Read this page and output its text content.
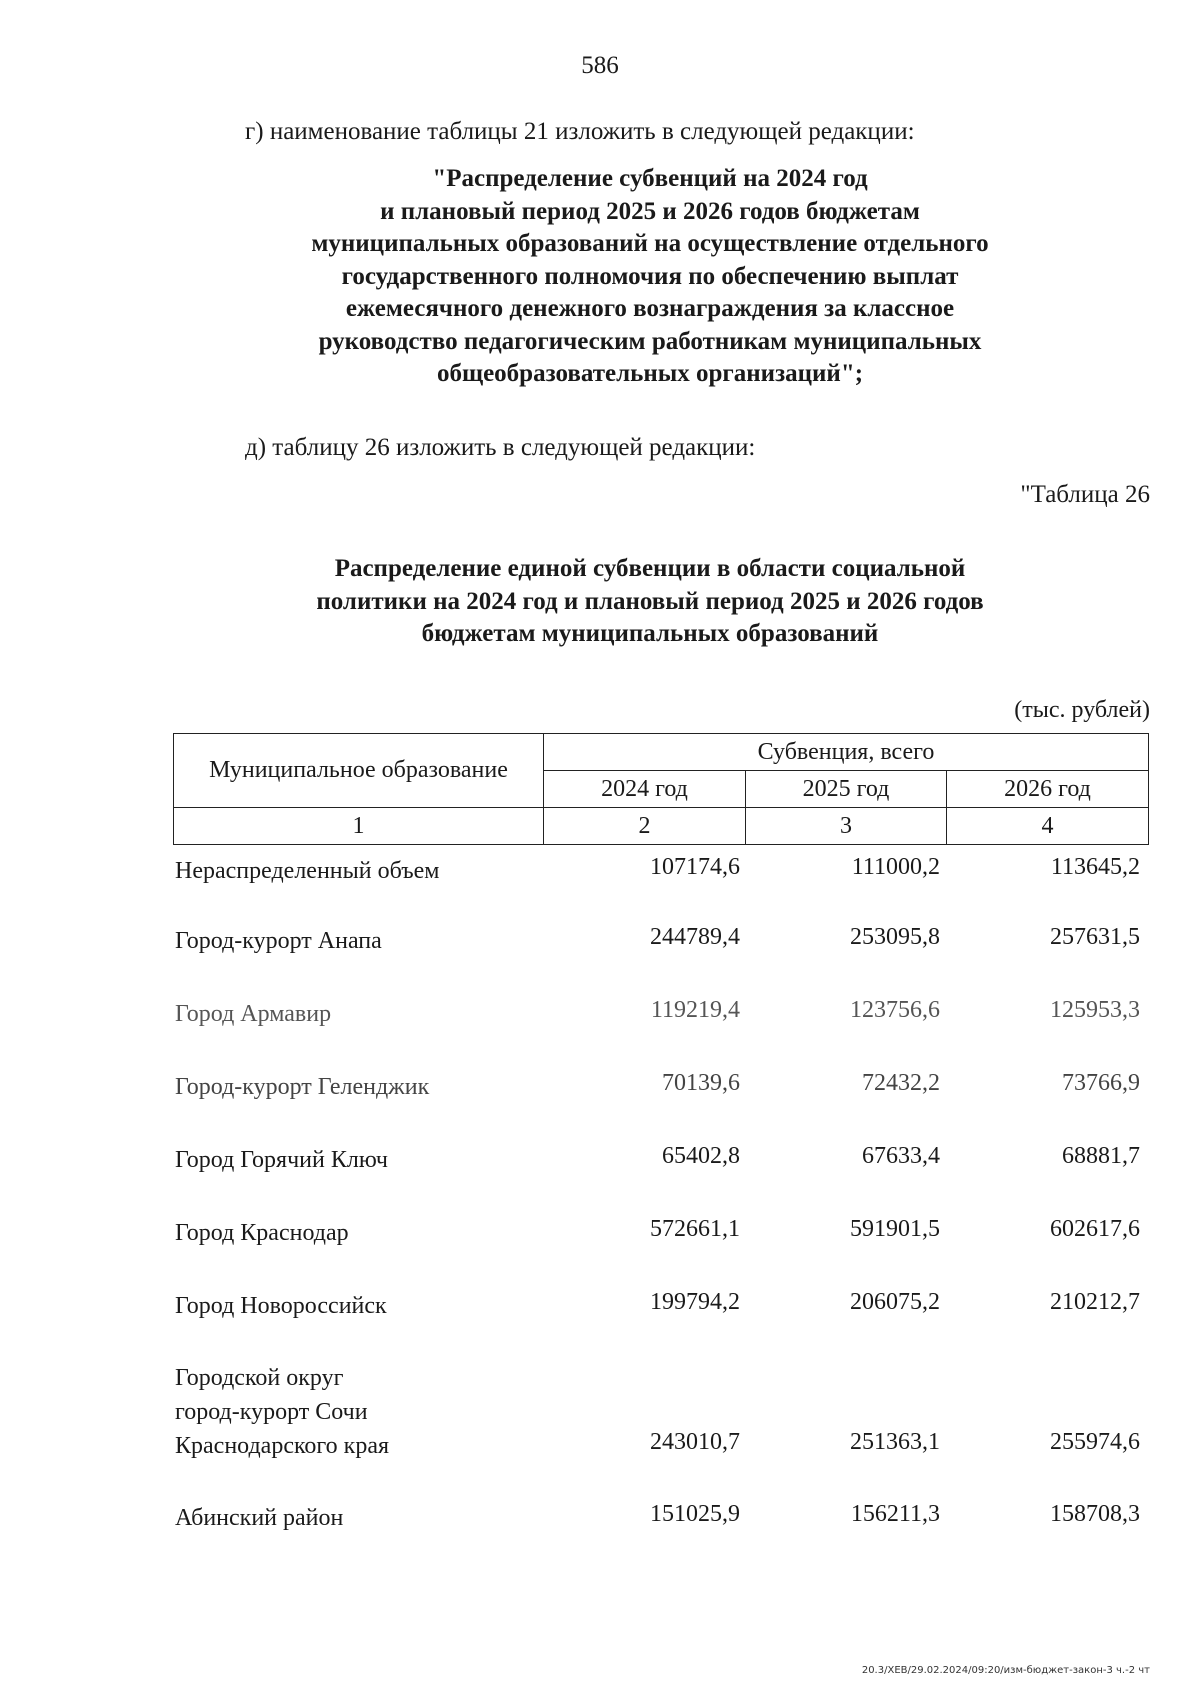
586
г) наименование таблицы 21 изложить в следующей редакции:
"Распределение субвенций на 2024 год
и плановый период 2025 и 2026 годов бюджетам
муниципальных образований на осуществление отдельного
государственного полномочия по обеспечению выплат
ежемесячного денежного вознаграждения за классное
руководство педагогическим работникам муниципальных
общеобразовательных организаций";
д) таблицу 26 изложить в следующей редакции:
"Таблица 26
Распределение единой субвенции в области социальной
политики на 2024 год и плановый период 2025 и 2026 годов
бюджетам муниципальных образований
(тыс. рублей)
Муниципальное образование	Субвенция, всего		
	2024 год	2025 год	2026 год
1	2	3	4
Нераспределенный объем	107174,6	111000,2	113645,2
Город-курорт Анапа	244789,4	253095,8	257631,5
Город Армавир	119219,4	123756,6	125953,3
Город-курорт Геленджик	70139,6	72432,2	73766,9
Город Горячий Ключ	65402,8	67633,4	68881,7
Город Краснодар	572661,1	591901,5	602617,6
Город Новороссийск	199794,2	206075,2	210212,7
Городской округ
город-курорт Сочи
Краснодарского края	243010,7	251363,1	255974,6
Абинский район	151025,9	156211,3	158708,3
20.3/ХЕВ/29.02.2024/09:20/изм-бюджет-закон-3 ч.-2 чт
